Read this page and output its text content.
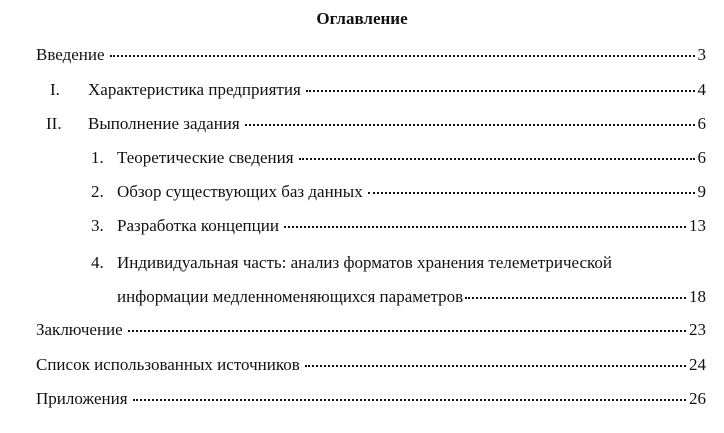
Оглавление
Введение	3
I.	Характеристика предприятия	4
II.	Выполнение задания	6
1. Теоретические сведения	6
2. Обзор существующих баз данных	9
3. Разработка концепции	13
4. Индивидуальная часть: анализ форматов хранения телеметрической
информации медленноменяющихся параметров	18
Заключение	23
Список использованных источников	24
Приложения	26
